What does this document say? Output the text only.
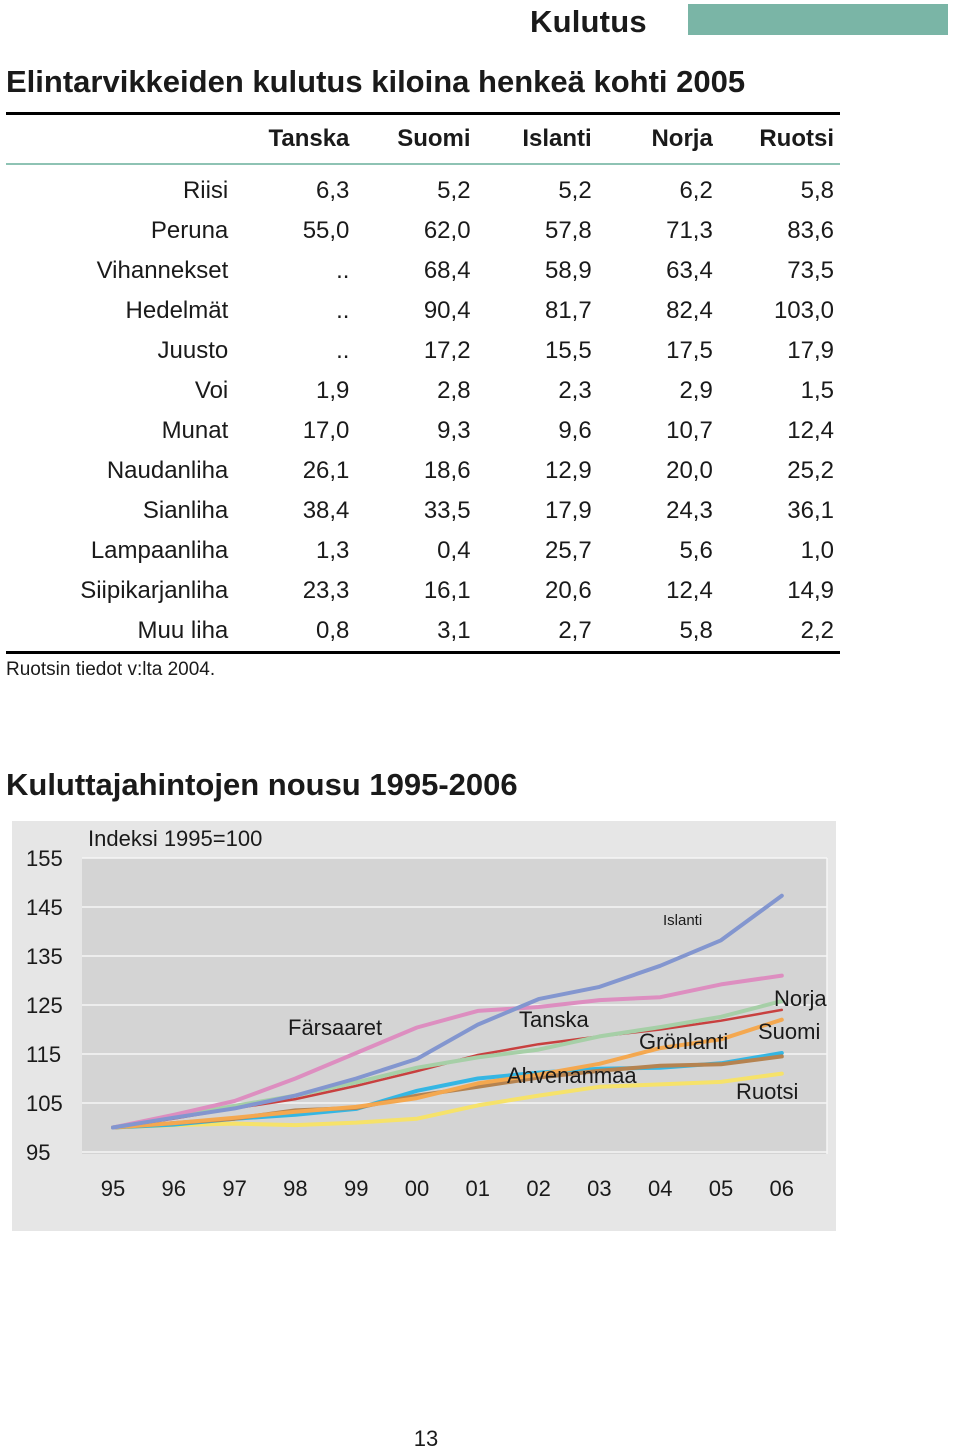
Kulutus
Elintarvikkeiden kulutus kiloina henkeä kohti 2005
	Tanska	Suomi	Islanti	Norja	Ruotsi
Riisi	6,3	5,2	5,2	6,2	5,8
Peruna	55,0	62,0	57,8	71,3	83,6
Vihannekset	..	68,4	58,9	63,4	73,5
Hedelmät	..	90,4	81,7	82,4	103,0
Juusto	..	17,2	15,5	17,5	17,9
Voi	1,9	2,8	2,3	2,9	1,5
Munat	17,0	9,3	9,6	10,7	12,4
Naudanliha	26,1	18,6	12,9	20,0	25,2
Sianliha	38,4	33,5	17,9	24,3	36,1
Lampaanliha	1,3	0,4	25,7	5,6	1,0
Siipikarjanliha	23,3	16,1	20,6	12,4	14,9
Muu liha	0,8	3,1	2,7	5,8	2,2
Ruotsin tiedot v:lta 2004.
Kuluttajahintojen nousu 1995-2006
155
145
135
125
115
105
95
Indeksi 1995=100
95 96 97 98 99 00 01 02 03 04 05 06
Islanti
Norja
Suomi
Färsaaret	Tanska
Grönlanti
Ahvenanmaa
Ruotsi
13
